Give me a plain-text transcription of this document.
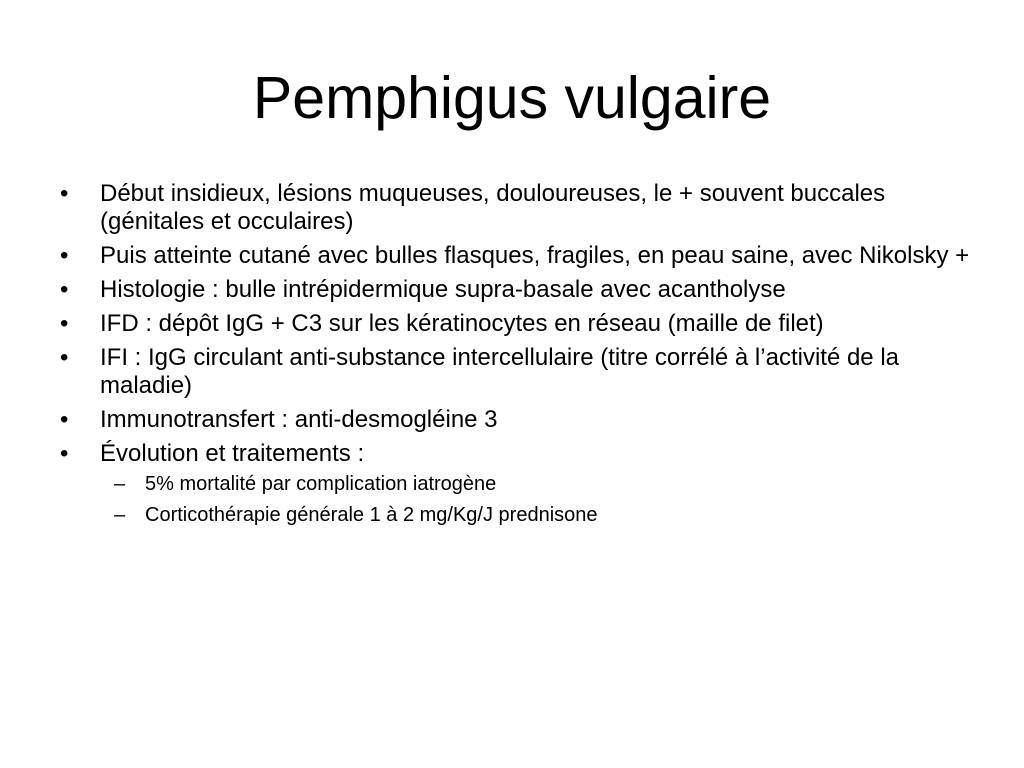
Pemphigus vulgaire
•	Début insidieux, lésions muqueuses, douloureuses, le + souvent buccales (génitales et occulaires)
•	Puis atteinte cutané avec bulles flasques, fragiles, en peau saine, avec Nikolsky +
•	Histologie : bulle intrépidermique supra-basale avec acantholyse
•	IFD : dépôt IgG + C3 sur les kératinocytes en réseau (maille de filet)
•	IFI : IgG circulant anti-substance intercellulaire (titre corrélé à l’activité de la maladie)
•	Immunotransfert : anti-desmogléine 3
•	Évolution et traitements :
– 5% mortalité par complication iatrogène
– Corticothérapie générale 1 à 2 mg/Kg/J prednisone
